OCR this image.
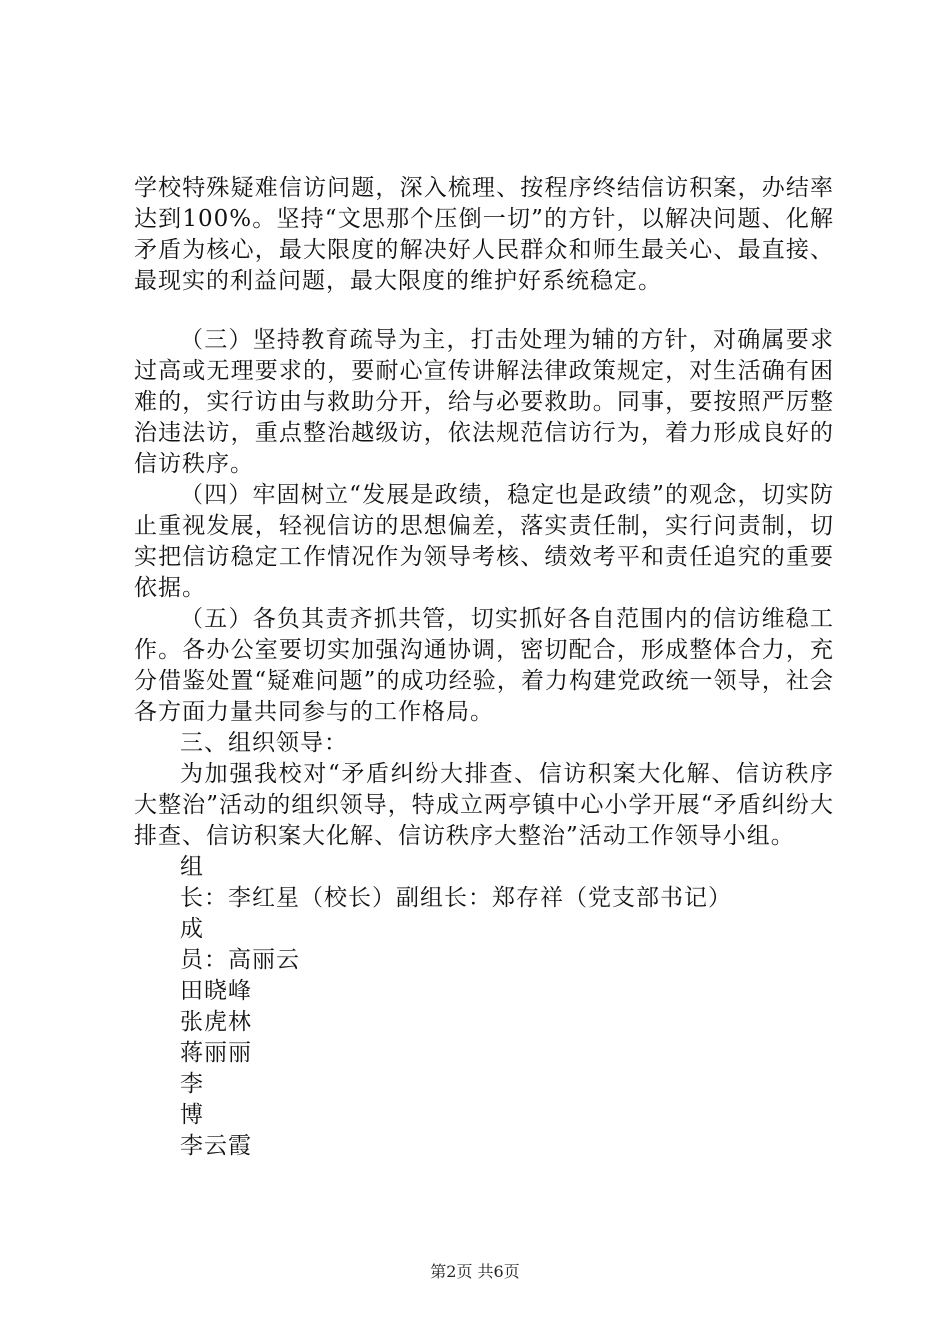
学校特殊疑难信访问题，深入梳理、按程序终结信访积案，办结率达到100%。坚持“文思那个压倒一切”的方针，以解决问题、化解矛盾为核心，最大限度的解决好人民群众和师生最关心、最直接、最现实的利益问题，最大限度的维护好系统稳定。

（三）坚持教育疏导为主，打击处理为辅的方针，对确属要求过高或无理要求的，要耐心宣传讲解法律政策规定，对生活确有困难的，实行访由与救助分开，给与必要救助。同事，要按照严厉整治违法访，重点整治越级访，依法规范信访行为，着力形成良好的信访秩序。

（四）牢固树立“发展是政绩，稳定也是政绩”的观念，切实防止重视发展，轻视信访的思想偏差，落实责任制，实行问责制，切实把信访稳定工作情况作为领导考核、绩效考平和责任追究的重要依据。

（五）各负其责齐抓共管，切实抓好各自范围内的信访维稳工作。各办公室要切实加强沟通协调，密切配合，形成整体合力，充分借鉴处置“疑难问题”的成功经验，着力构建党政统一领导，社会各方面力量共同参与的工作格局。

三、组织领导：

为加强我校对“矛盾纠纷大排查、信访积案大化解、信访秩序大整治”活动的组织领导，特成立两亭镇中心小学开展“矛盾纠纷大排查、信访积案大化解、信访秩序大整治”活动工作领导小组。

组
长：李红星（校长）副组长：郑存祥（党支部书记）
成
员：高丽云
田晓峰
张虎林
蒋丽丽
李
博
李云霞
第2页 共6页
